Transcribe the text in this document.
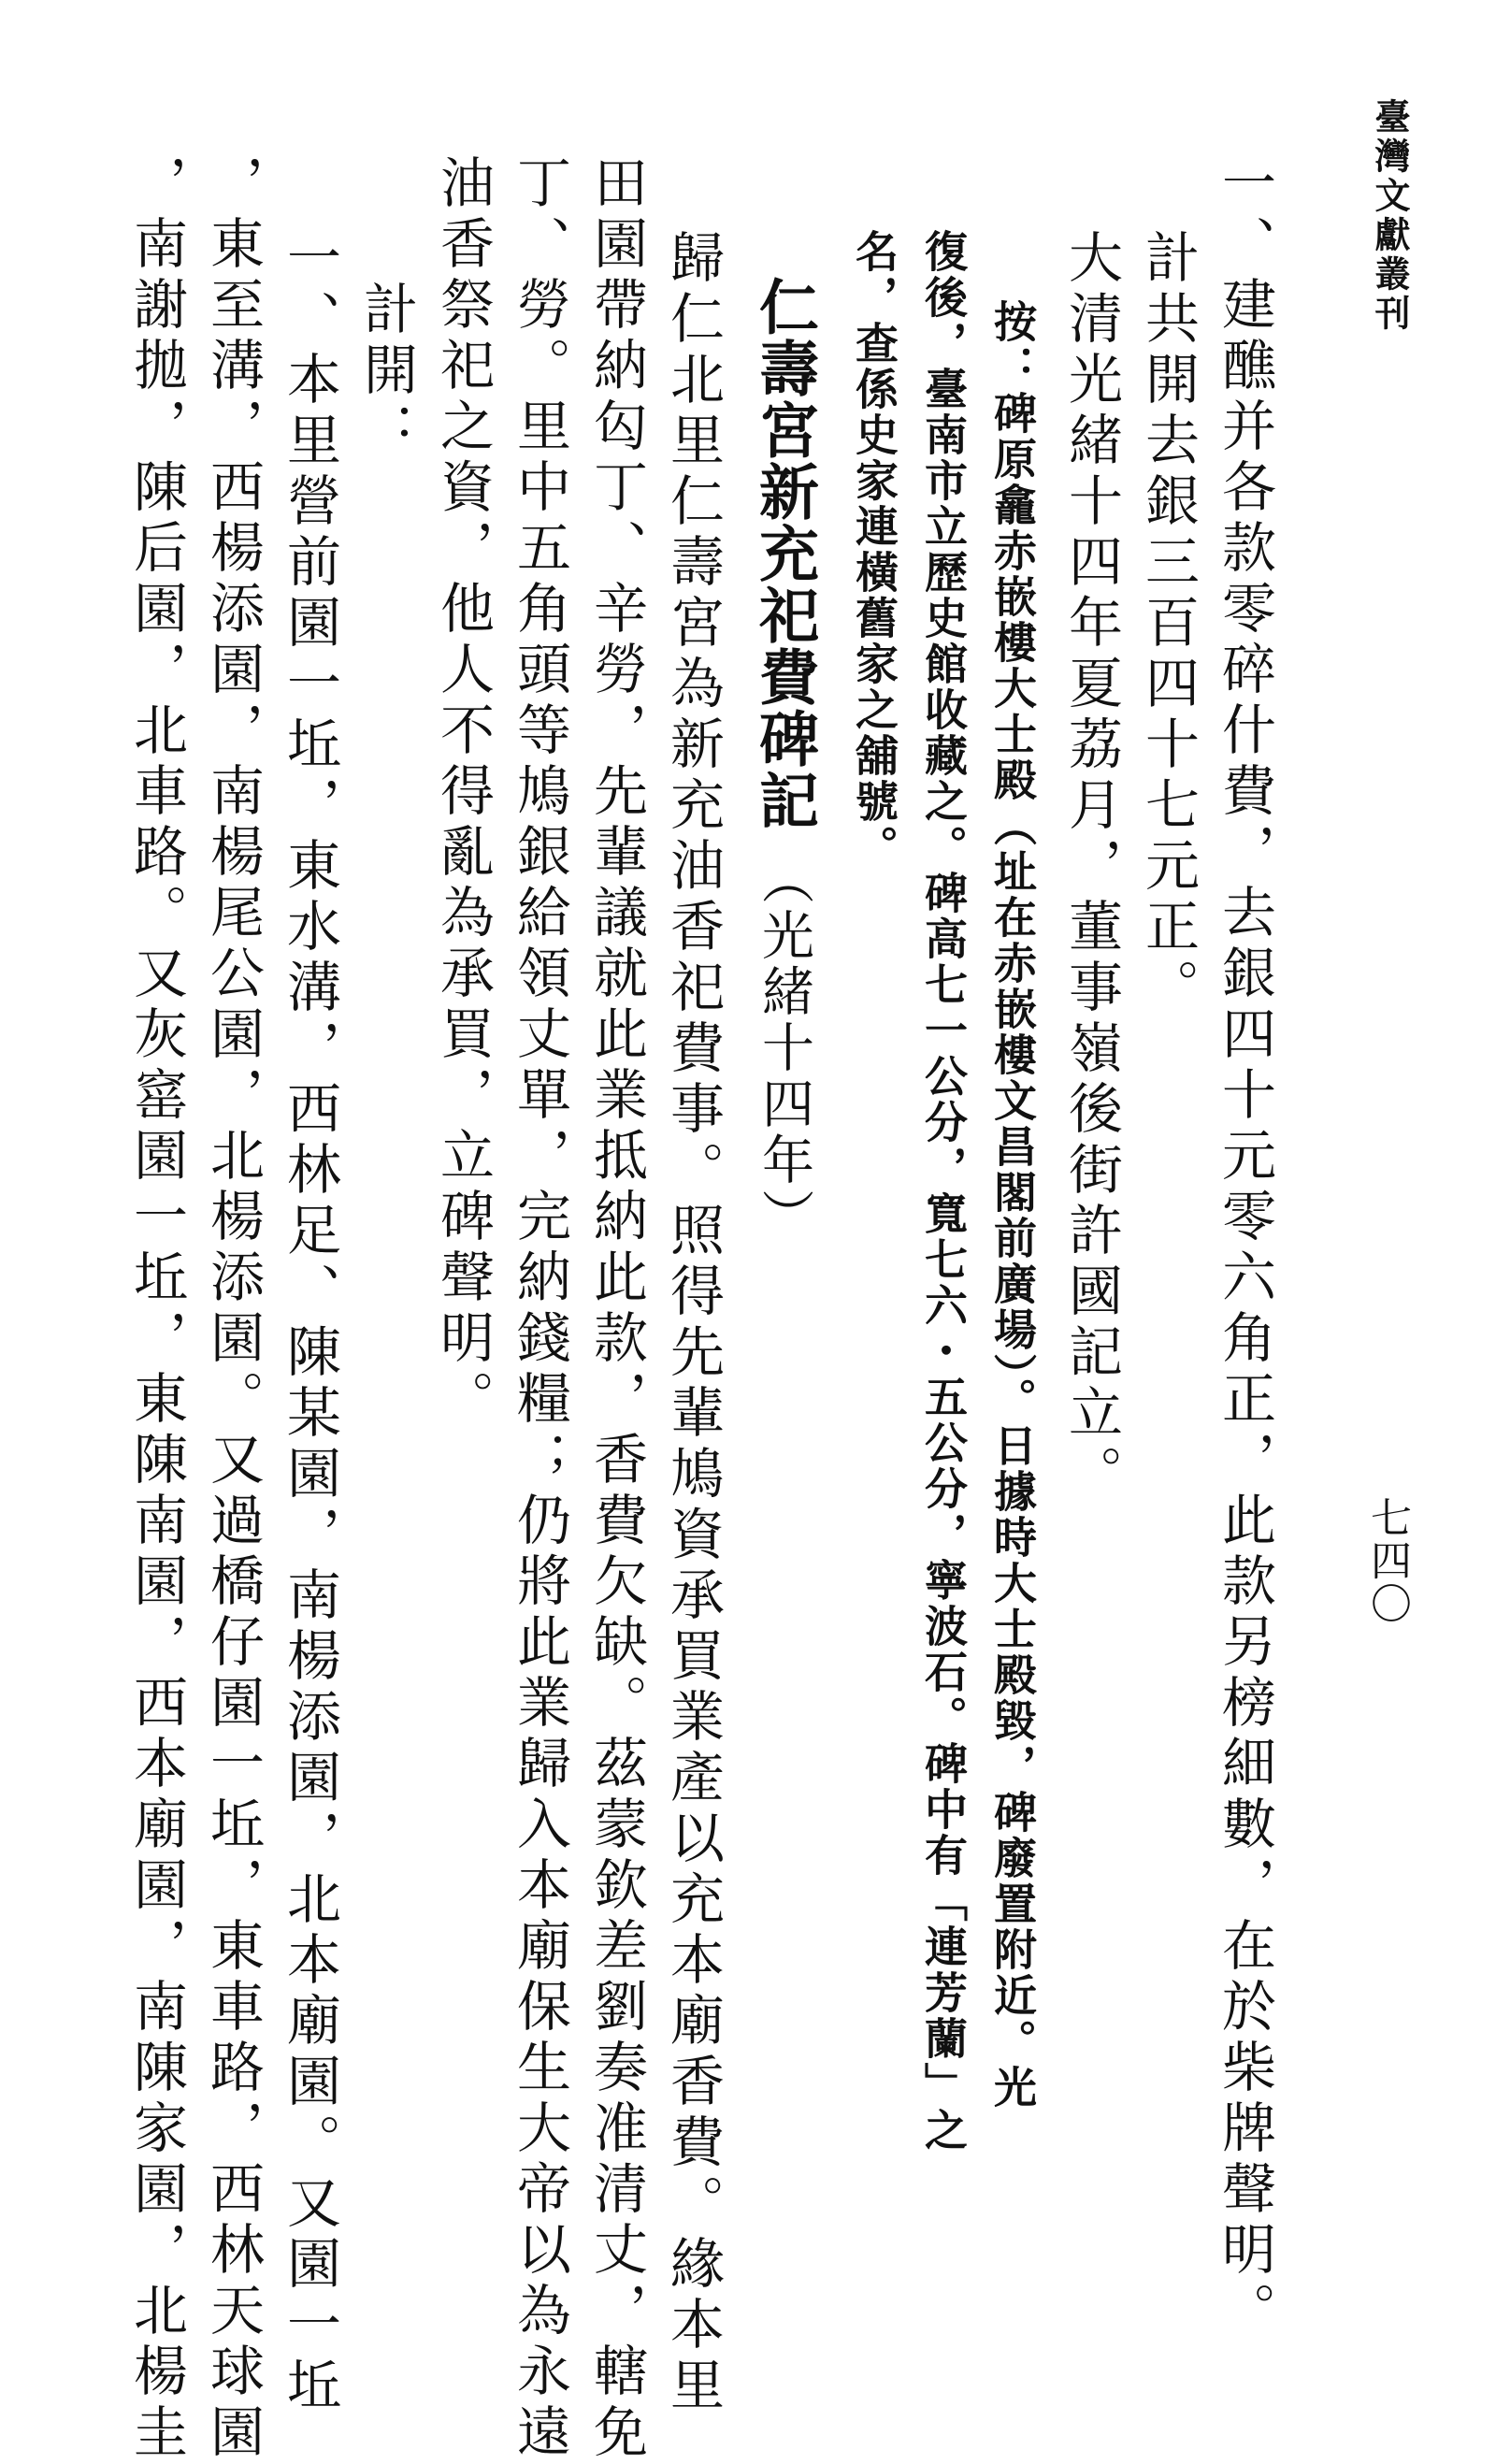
臺灣文獻叢刊
七四〇
一、建醮并各款零碎什費，去銀四十元零六角正，此款另榜細數，在於柴牌聲明。
計共開去銀三百四十七元正。
大清光緒十四年夏荔月，董事嶺後街許國記立。
按：碑原龕赤嵌樓大士殿（址在赤嵌樓文昌閣前廣場）。日據時大士殿毀，碑廢置附近。光
復後，臺南市立歷史館收藏之。碑高七一公分，寬七六・五公分，寧波石。碑中有「連芳蘭」之
名，查係史家連橫舊家之舖號。
仁壽宮新充祀費碑記（光緒十四年）
歸仁北里仁壽宮為新充油香祀費事。照得先輩鳩資承買業產以充本廟香費。緣本里
田園帶納匃丁、辛勞，先輩議就此業抵納此款，香費欠缺。茲蒙欽差劉奏准清丈，轄免
丁、勞。里中五角頭等鳩銀給領丈單，完納錢糧；仍將此業歸入本廟保生大帝以為永遠
油香祭祀之資，他人不得亂為承買，立碑聲明。
計開：
一、本里營前園一坵，東水溝，西林足、陳某園，南楊添園，北本廟園。又園一坵
，東至溝，西楊添園，南楊尾公園，北楊添園。又過橋仔園一坵，東車路，西林天球園
，南謝拋，陳后園，北車路。又灰窰園一坵，東陳南園，西本廟園，南陳家園，北楊圭
